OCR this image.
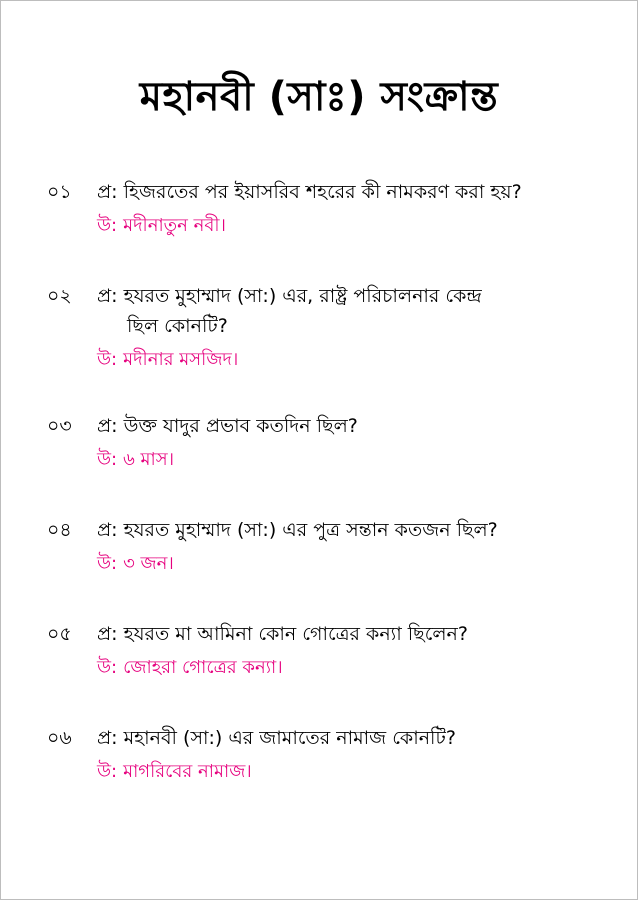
মহানবী (সাঃ) সংক্রান্ত
০১	প্র: হিজরতের পর ইয়াসরিব শহরের কী নামকরণ করা হয়?
উ: মদীনাতুন নবী।
০২	প্র: হযরত মুহাম্মাদ (সা:) এর, রাষ্ট্র পরিচালনার কেন্দ্র
ছিল কোনটি?
উ: মদীনার মসজিদ।
০৩	প্র: উক্ত যাদুর প্রভাব কতদিন ছিল?
উ: ৬ মাস।
০৪	প্র: হযরত মুহাম্মাদ (সা:) এর পুত্র সন্তান কতজন ছিল?
উ: ৩ জন।
০৫	প্র: হযরত মা আমিনা কোন গোত্রের কন্যা ছিলেন?
উ: জোহরা গোত্রের কন্যা।
০৬	প্র: মহানবী (সা:) এর জামাতের নামাজ কোনটি?
উ: মাগরিবের নামাজ।
